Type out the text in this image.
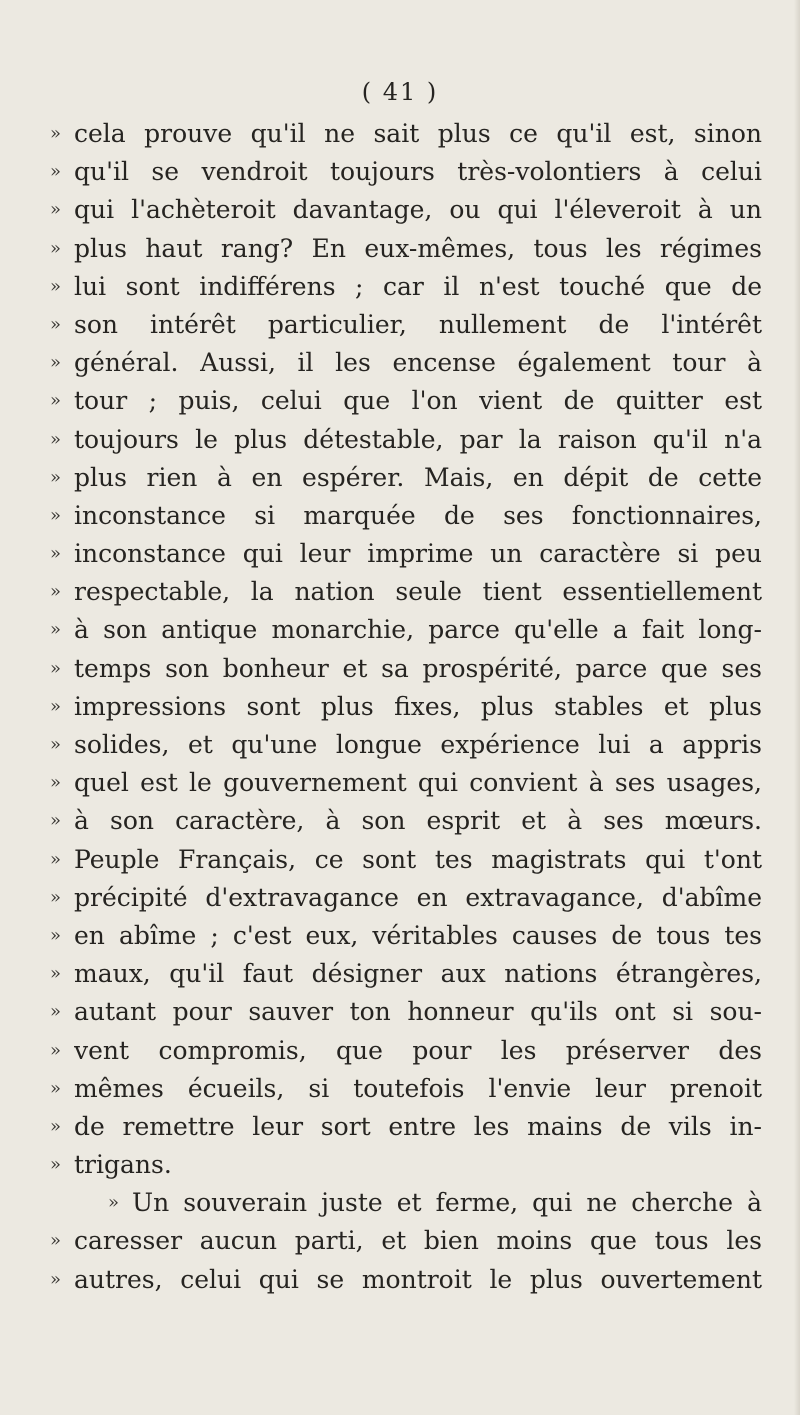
( 41 )
» cela prouve qu'il ne sait plus ce qu'il est, sinon
» qu'il se vendroit toujours très-volontiers à celui
» qui l'achèteroit davantage, ou qui l'éleveroit à un
» plus haut rang? En eux-mêmes, tous les régimes
» lui sont indifférens ; car il n'est touché que de
» son intérêt particulier, nullement de l'intérêt
» général. Aussi, il les encense également tour à
» tour ; puis, celui que l'on vient de quitter est
» toujours le plus détestable, par la raison qu'il n'a
» plus rien à en espérer. Mais, en dépit de cette
» inconstance si marquée de ses fonctionnaires,
» inconstance qui leur imprime un caractère si peu
» respectable, la nation seule tient essentiellement
» à son antique monarchie, parce qu'elle a fait long-
» temps son bonheur et sa prospérité, parce que ses
» impressions sont plus fixes, plus stables et plus
» solides, et qu'une longue expérience lui a appris
» quel est le gouvernement qui convient à ses usages,
» à son caractère, à son esprit et à ses mœurs.
» Peuple Français, ce sont tes magistrats qui t'ont
» précipité d'extravagance en extravagance, d'abîme
» en abîme ; c'est eux, véritables causes de tous tes
» maux, qu'il faut désigner aux nations étrangères,
» autant pour sauver ton honneur qu'ils ont si sou-
» vent compromis, que pour les préserver des
» mêmes écueils, si toutefois l'envie leur prenoit
» de remettre leur sort entre les mains de vils in-
» trigans.
» Un souverain juste et ferme, qui ne cherche à
» caresser aucun parti, et bien moins que tous les
» autres, celui qui se montroit le plus ouvertement
